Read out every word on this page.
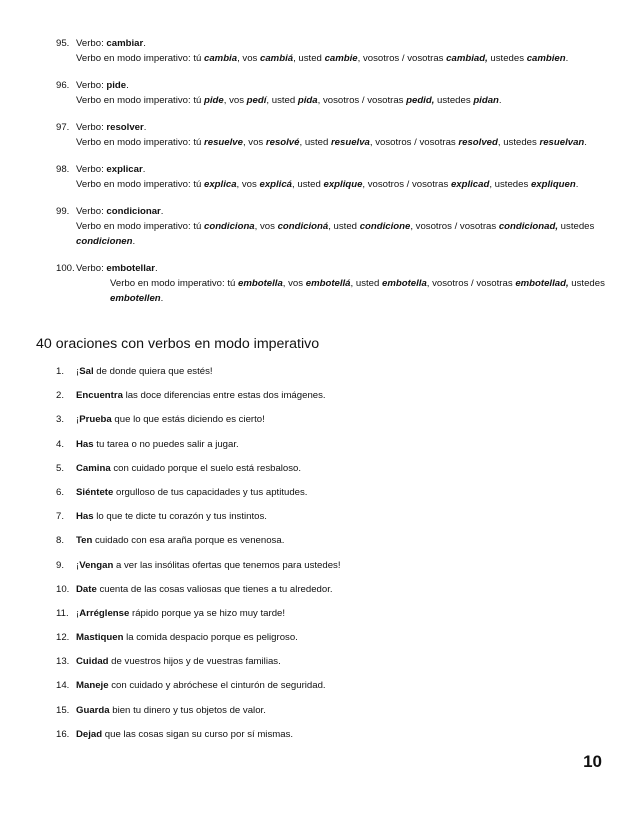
95. Verbo: cambiar.
Verbo en modo imperativo: tú cambia, vos cambiá, usted cambie, vosotros / vosotras cambiad, ustedes cambien.
96. Verbo: pide.
Verbo en modo imperativo: tú pide, vos pedí, usted pida, vosotros / vosotras pedid, ustedes pidan.
97. Verbo: resolver.
Verbo en modo imperativo: tú resuelve, vos resolvé, usted resuelva, vosotros / vosotras resolved, ustedes resuelvan.
98. Verbo: explicar.
Verbo en modo imperativo: tú explica, vos explicá, usted explique, vosotros / vosotras explicad, ustedes expliquen.
99. Verbo: condicionar.
Verbo en modo imperativo: tú condiciona, vos condicioná, usted condicione, vosotros / vosotras condicionad, ustedes condicionen.
100. Verbo: embotellar.
Verbo en modo imperativo: tú embotella, vos embotellá, usted embotella, vosotros / vosotras embotellad, ustedes embotellen.
40 oraciones con verbos en modo imperativo
1.	¡Sal de donde quiera que estés!
2.	Encuentra las doce diferencias entre estas dos imágenes.
3.	¡Prueba que lo que estás diciendo es cierto!
4.	Has tu tarea o no puedes salir a jugar.
5.	Camina con cuidado porque el suelo está resbaloso.
6.	Siéntete orgulloso de tus capacidades y tus aptitudes.
7.	Has lo que te dicte tu corazón y tus instintos.
8.	Ten cuidado con esa araña porque es venenosa.
9.	¡Vengan a ver las insólitas ofertas que tenemos para ustedes!
10. Date cuenta de las cosas valiosas que tienes a tu alrededor.
11. ¡Arréglense rápido porque ya se hizo muy tarde!
12. Mastiquen la comida despacio porque es peligroso.
13. Cuidad de vuestros hijos y de vuestras familias.
14. Maneje con cuidado y abróchese el cinturón de seguridad.
15. Guarda bien tu dinero y tus objetos de valor.
16. Dejad que las cosas sigan su curso por sí mismas.
10
